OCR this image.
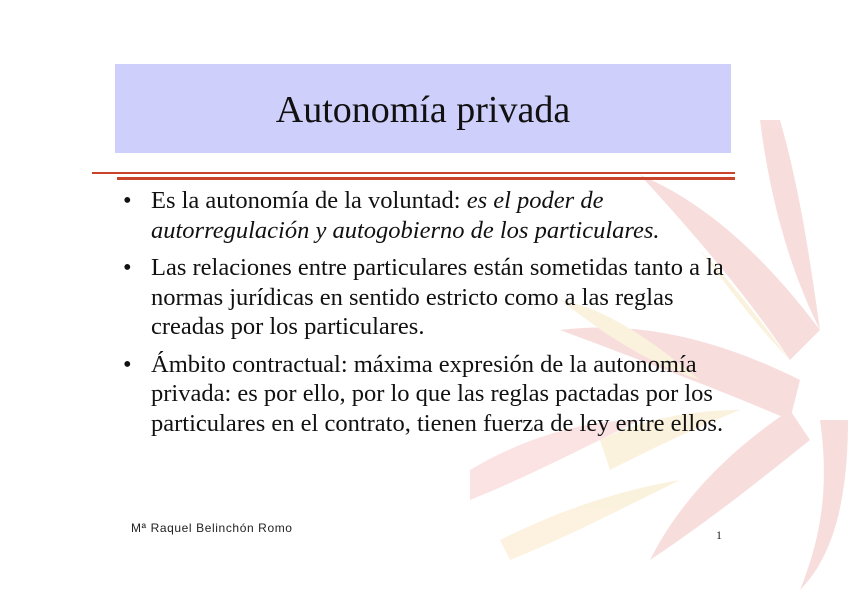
Autonomía privada
• Es la autonomía de la voluntad: es el poder de autorregulación y autogobierno de los particulares.
• Las relaciones entre particulares están sometidas tanto a la normas jurídicas en sentido estricto como a las reglas creadas por los particulares.
• Ámbito contractual: máxima expresión de la autonomía privada: es por ello, por lo que las reglas pactadas por los particulares en el contrato, tienen fuerza de ley entre ellos.
Mª Raquel Belinchón Romo	1
